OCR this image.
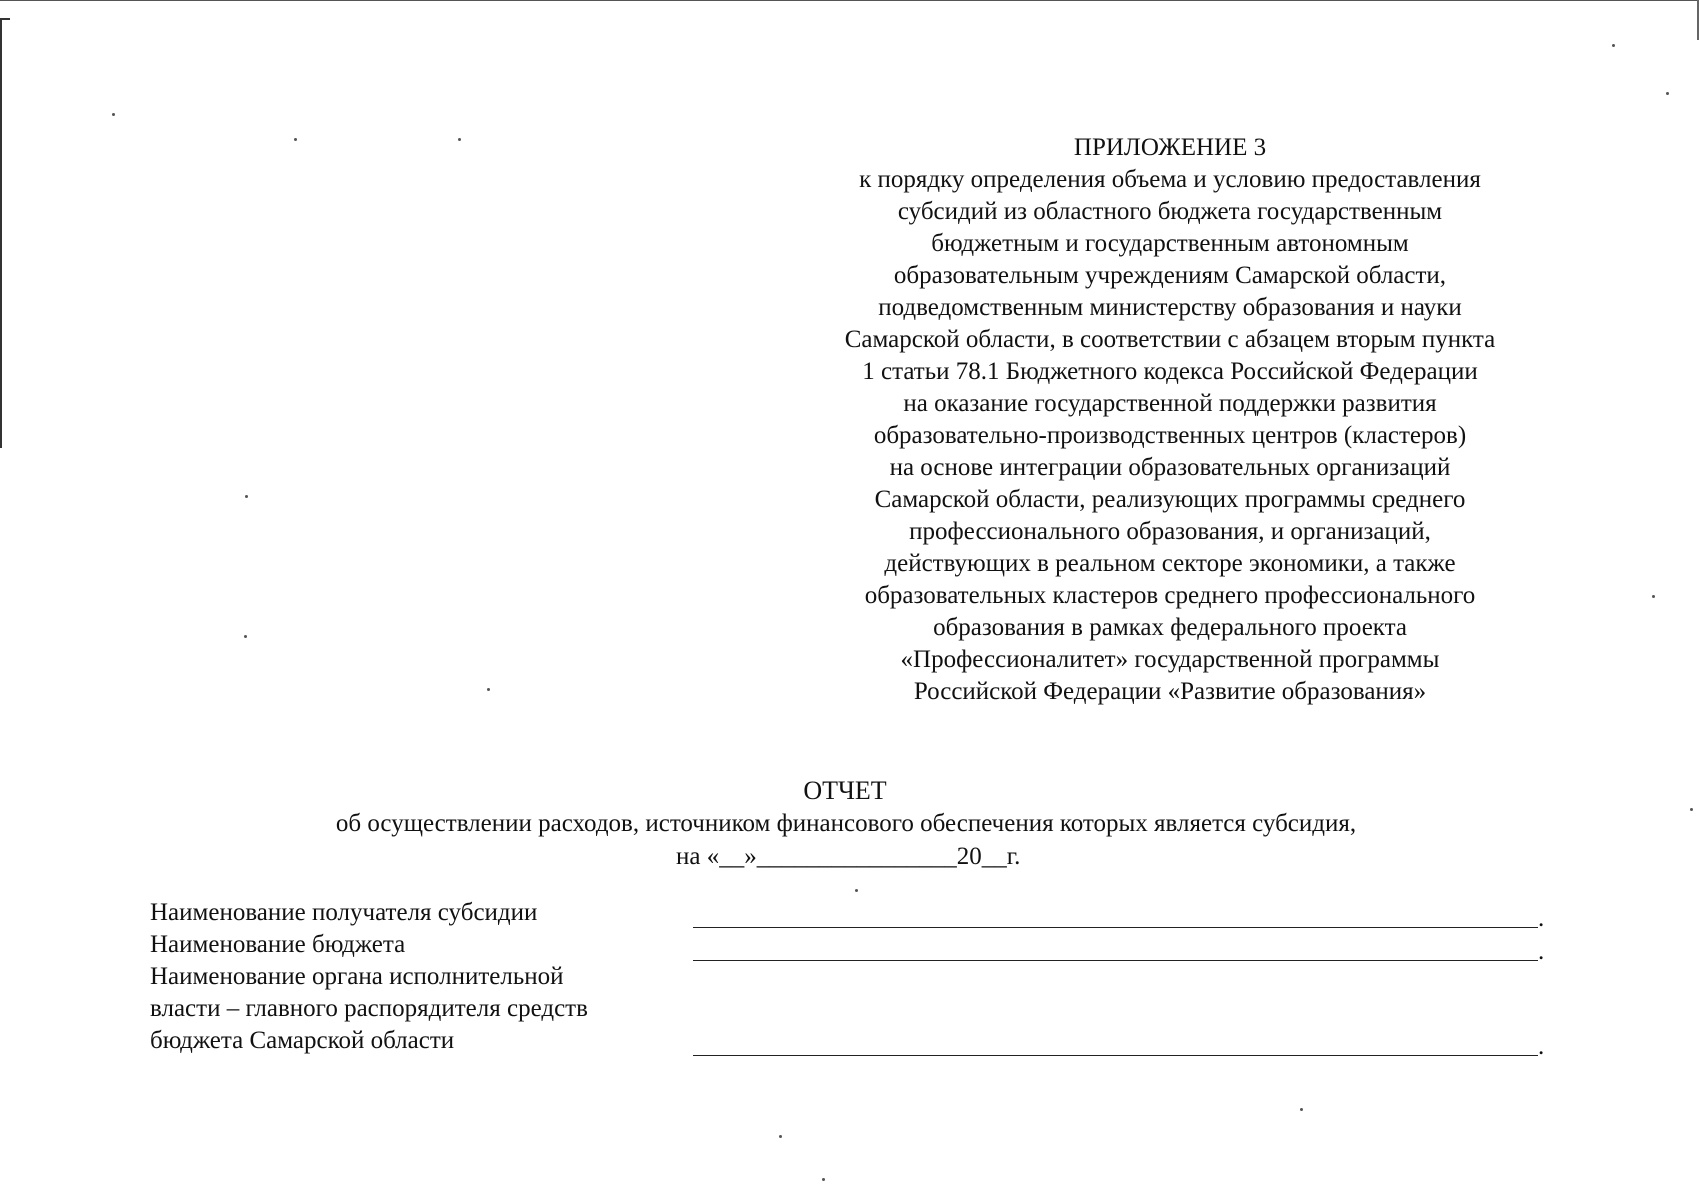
ПРИЛОЖЕНИЕ 3
к порядку определения объема и условию предоставления
субсидий из областного бюджета государственным
бюджетным и государственным автономным
образовательным учреждениям Самарской области,
подведомственным министерству образования и науки
Самарской области, в соответствии с абзацем вторым пункта
1 статьи 78.1 Бюджетного кодекса Российской Федерации
на оказание государственной поддержки развития
образовательно-производственных центров (кластеров)
на основе интеграции образовательных организаций
Самарской области, реализующих программы среднего
профессионального образования, и организаций,
действующих в реальном секторе экономики, а также
образовательных кластеров среднего профессионального
образования в рамках федерального проекта
«Профессионалитет» государственной программы
Российской Федерации «Развитие образования»
ОТЧЕТ
об осуществлении расходов, источником финансового обеспечения которых является субсидия,
на «__»________________20__г.
Наименование получателя субсидии	.
Наименование бюджета	.
Наименование органа исполнительной
власти – главного распорядителя средств
бюджета Самарской области	.
